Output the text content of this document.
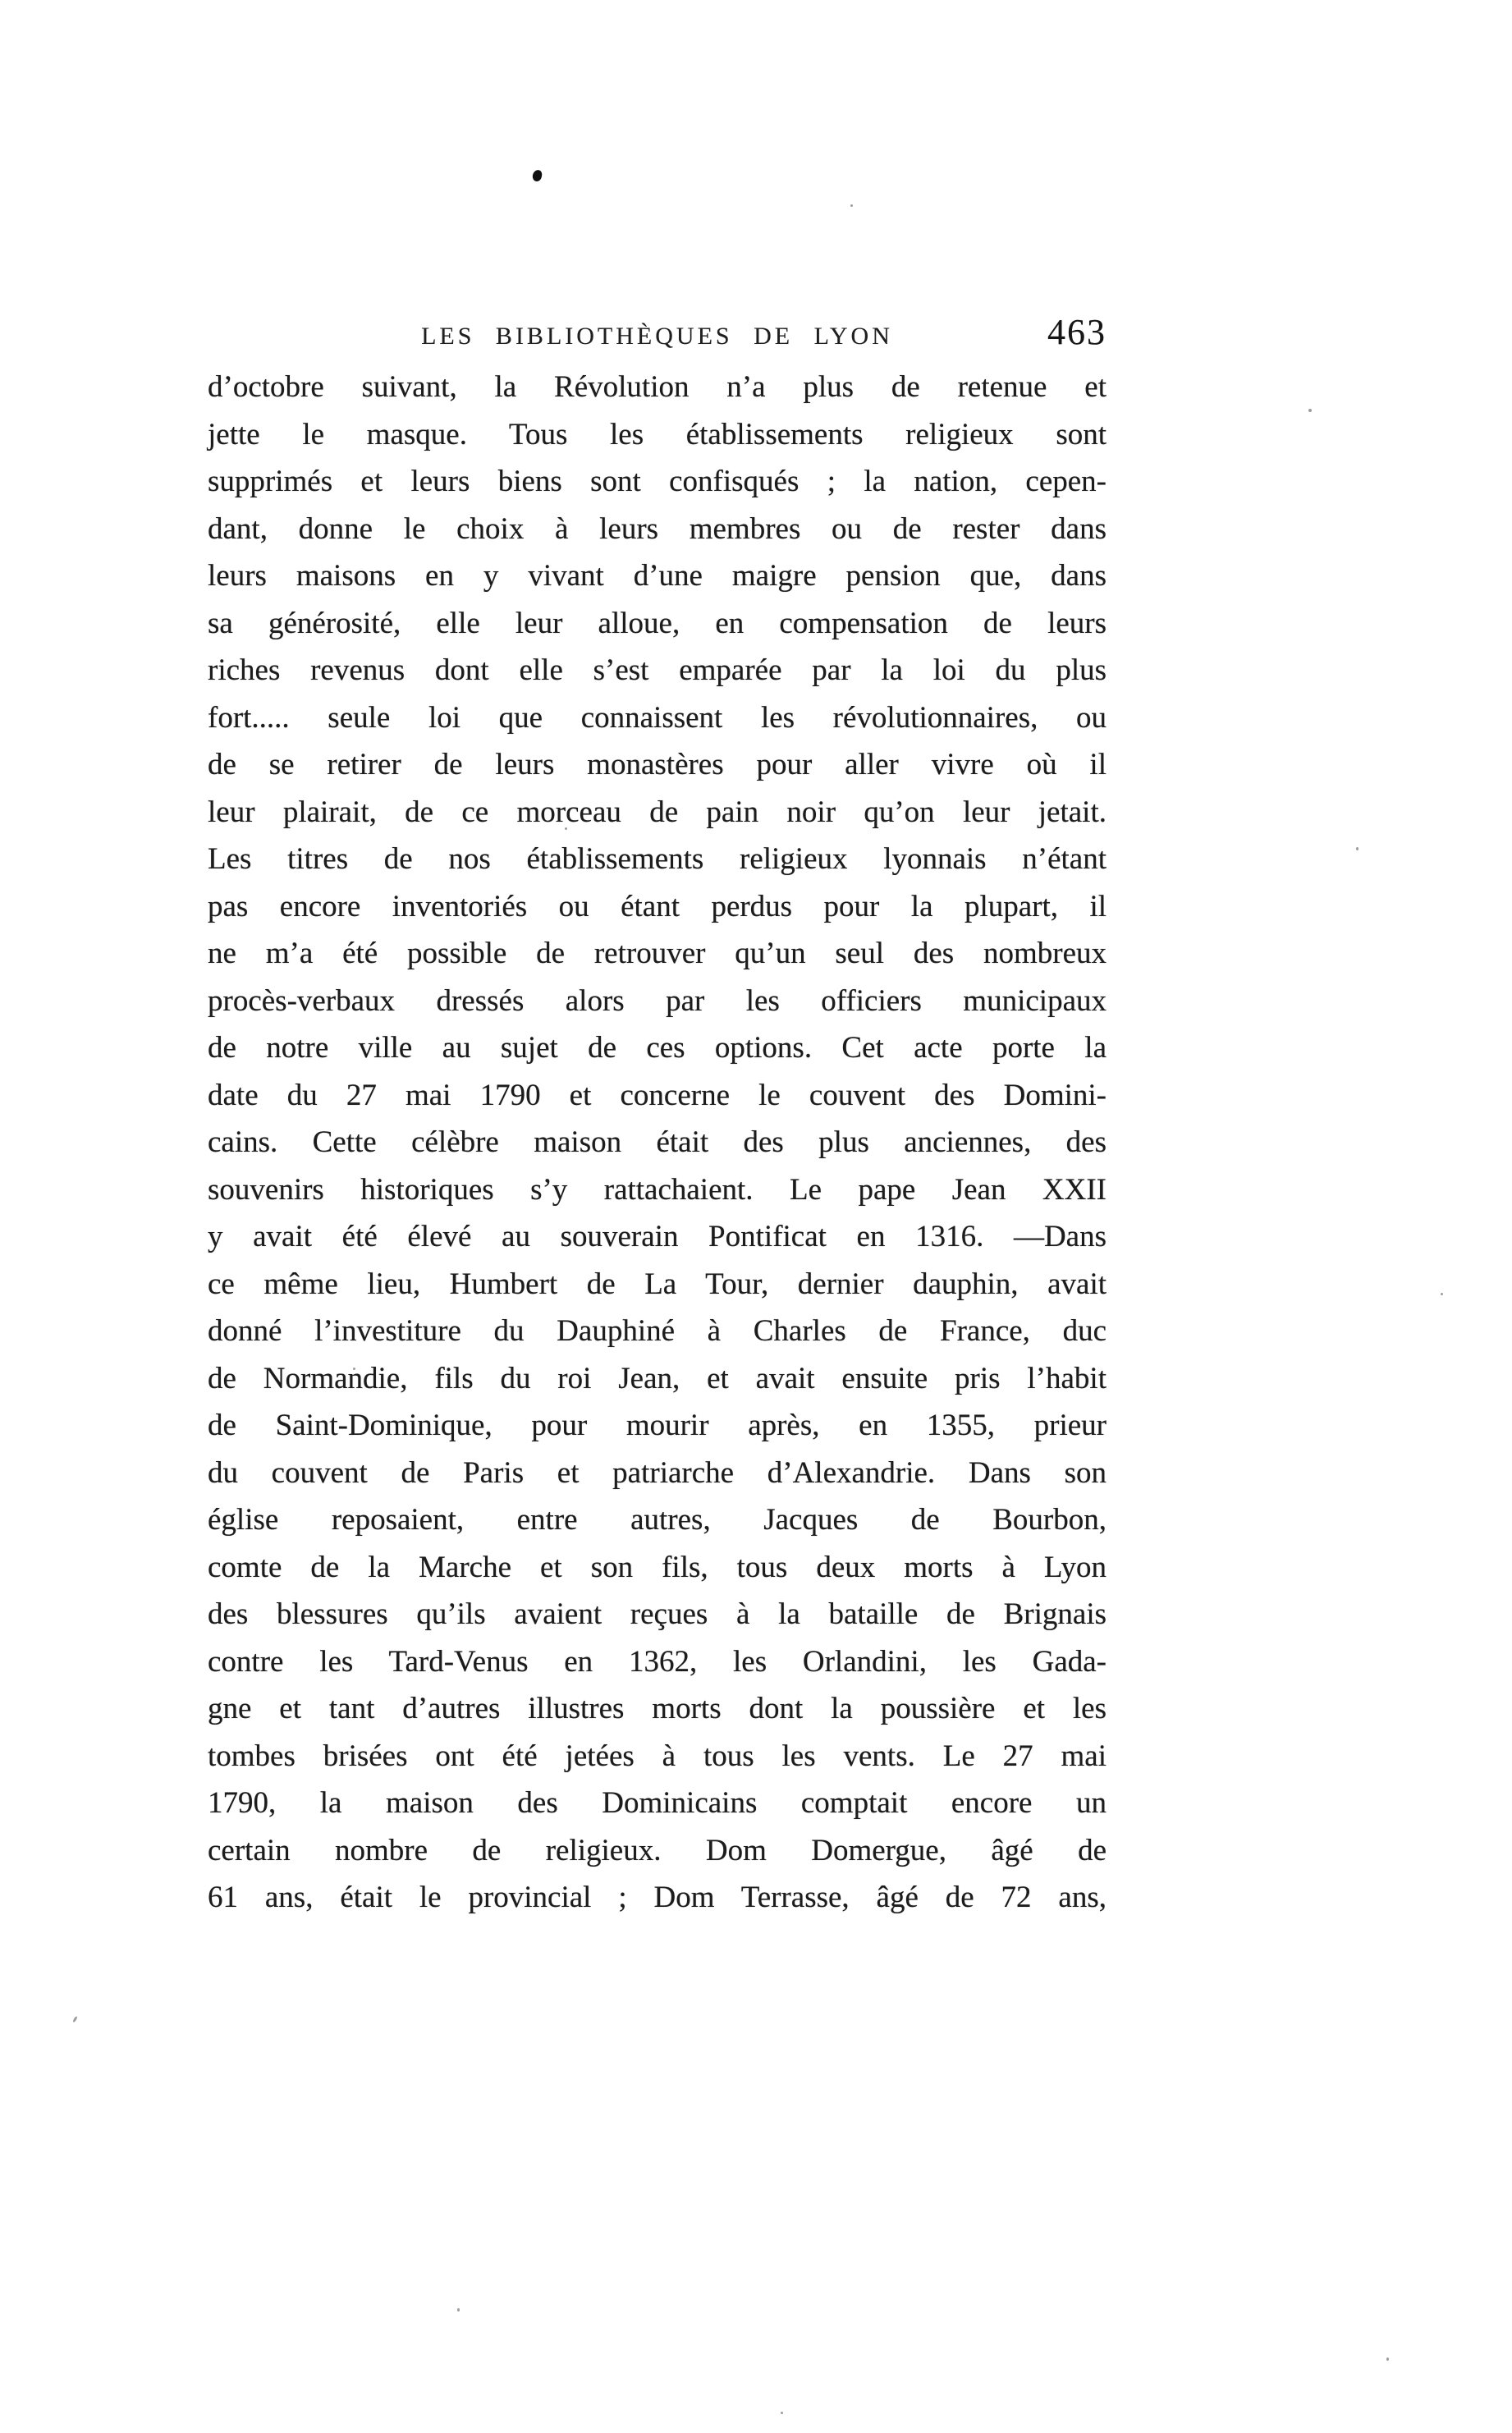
LES BIBLIOTHÈQUES DE LYON	463
d’octobre suivant, la Révolution n’a plus de retenue et
jette le masque. Tous les établissements religieux sont
supprimés et leurs biens sont confisqués ; la nation, cepen-
dant, donne le choix à leurs membres ou de rester dans
leurs maisons en y vivant d’une maigre pension que, dans
sa générosité, elle leur alloue, en compensation de leurs
riches revenus dont elle s’est emparée par la loi du plus
fort..... seule loi que connaissent les révolutionnaires, ou
de se retirer de leurs monastères pour aller vivre où il
leur plairait, de ce morceau de pain noir qu’on leur jetait.
Les titres de nos établissements religieux lyonnais n’étant
pas encore inventoriés ou étant perdus pour la plupart, il
ne m’a été possible de retrouver qu’un seul des nombreux
procès-verbaux dressés alors par les officiers municipaux
de notre ville au sujet de ces options. Cet acte porte la
date du 27 mai 1790 et concerne le couvent des Domini-
cains. Cette célèbre maison était des plus anciennes, des
souvenirs historiques s’y rattachaient. Le pape Jean XXII
y avait été élevé au souverain Pontificat en 1316. —Dans
ce même lieu, Humbert de La Tour, dernier dauphin, avait
donné l’investiture du Dauphiné à Charles de France, duc
de Normandie, fils du roi Jean, et avait ensuite pris l’habit
de Saint-Dominique, pour mourir après, en 1355, prieur
du couvent de Paris et patriarche d’Alexandrie. Dans son
église reposaient, entre autres, Jacques de Bourbon,
comte de la Marche et son fils, tous deux morts à Lyon
des blessures qu’ils avaient reçues à la bataille de Brignais
contre les Tard-Venus en 1362, les Orlandini, les Gada-
gne et tant d’autres illustres morts dont la poussière et les
tombes brisées ont été jetées à tous les vents. Le 27 mai
1790, la maison des Dominicains comptait encore un
certain nombre de religieux. Dom Domergue, âgé de
61 ans, était le provincial ; Dom Terrasse, âgé de 72 ans,
